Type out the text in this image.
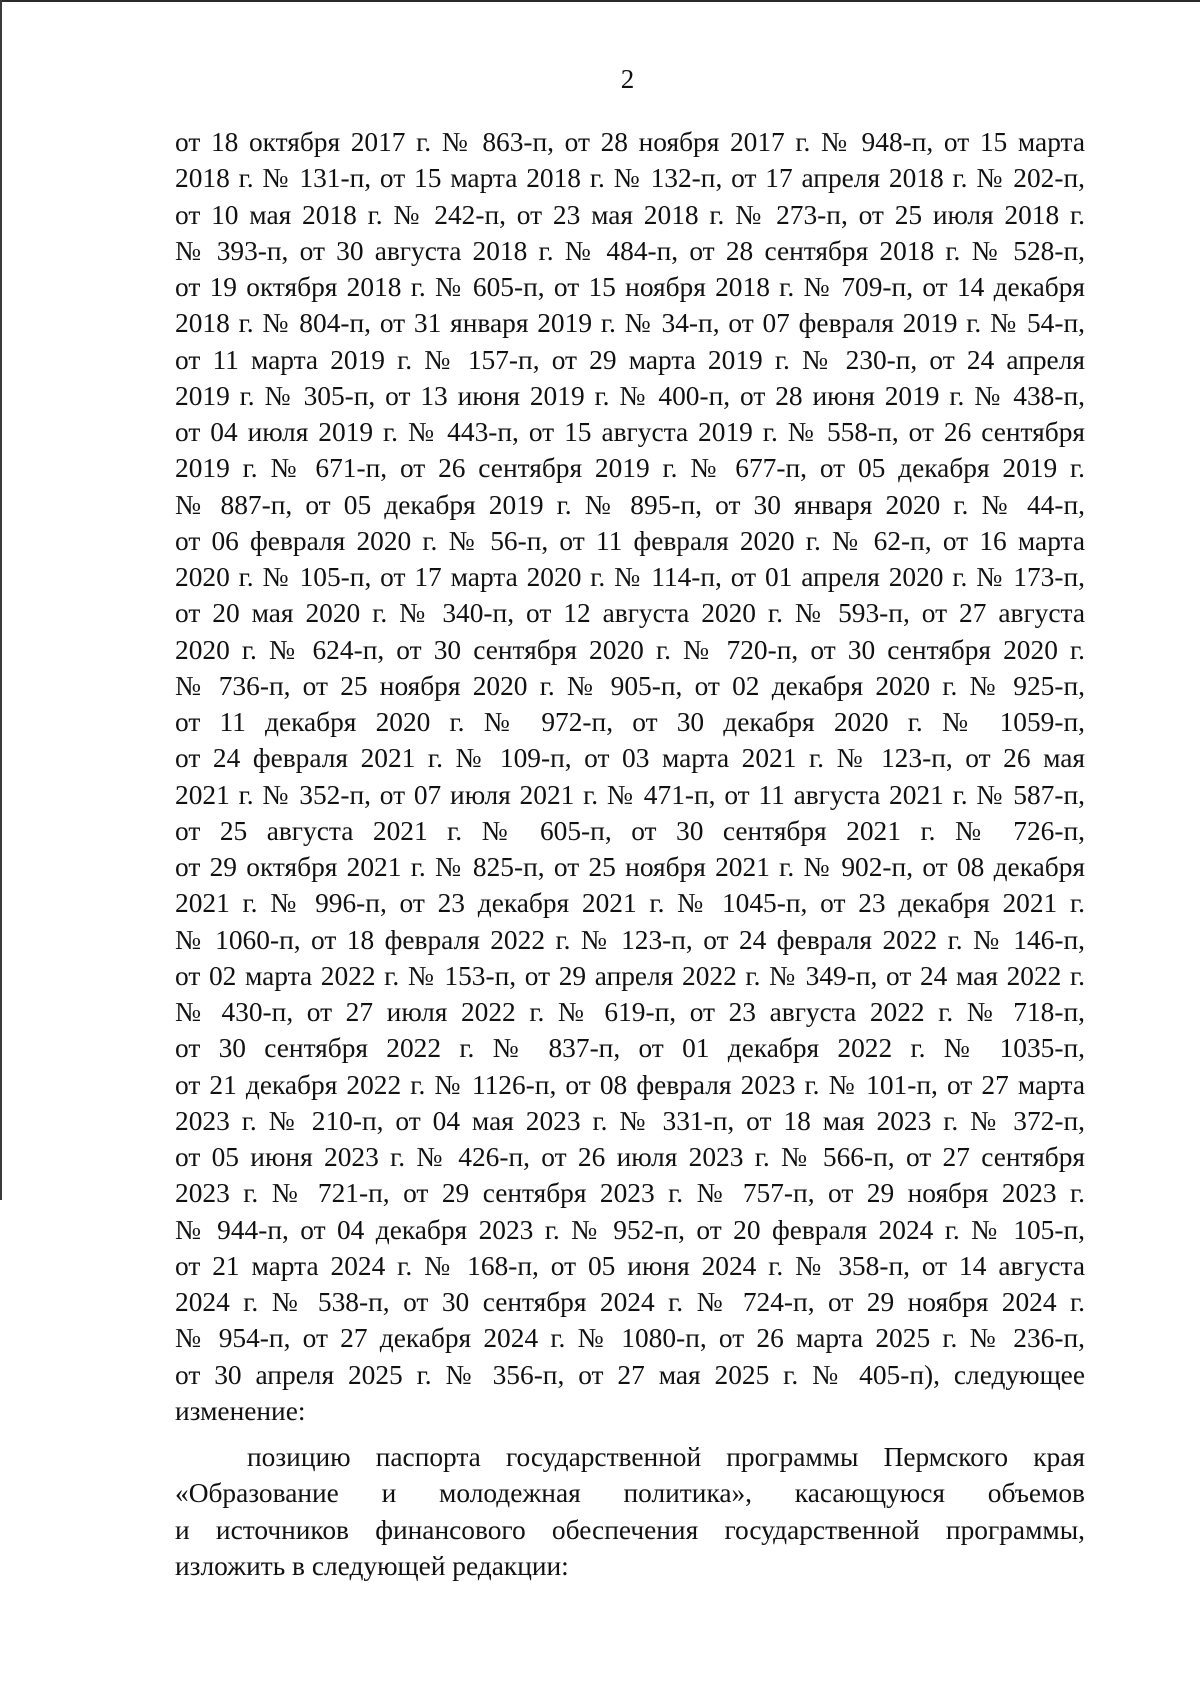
2
от 18 октября 2017 г. № 863-п, от 28 ноября 2017 г. № 948-п, от 15 марта
2018 г. № 131-п, от 15 марта 2018 г. № 132-п, от 17 апреля 2018 г. № 202-п,
от 10 мая 2018 г. № 242-п, от 23 мая 2018 г. № 273-п, от 25 июля 2018 г.
№ 393-п, от 30 августа 2018 г. № 484-п, от 28 сентября 2018 г. № 528-п,
от 19 октября 2018 г. № 605-п, от 15 ноября 2018 г. № 709-п, от 14 декабря
2018 г. № 804-п, от 31 января 2019 г. № 34-п, от 07 февраля 2019 г. № 54-п,
от 11 марта 2019 г. № 157-п, от 29 марта 2019 г. № 230-п, от 24 апреля
2019 г. № 305-п, от 13 июня 2019 г. № 400-п, от 28 июня 2019 г. № 438-п,
от 04 июля 2019 г. № 443-п, от 15 августа 2019 г. № 558-п, от 26 сентября
2019 г. № 671-п, от 26 сентября 2019 г. № 677-п, от 05 декабря 2019 г.
№ 887-п, от 05 декабря 2019 г. № 895-п, от 30 января 2020 г. № 44-п,
от 06 февраля 2020 г. № 56-п, от 11 февраля 2020 г. № 62-п, от 16 марта
2020 г. № 105-п, от 17 марта 2020 г. № 114-п, от 01 апреля 2020 г. № 173-п,
от 20 мая 2020 г. № 340-п, от 12 августа 2020 г. № 593-п, от 27 августа
2020 г. № 624-п, от 30 сентября 2020 г. № 720-п, от 30 сентября 2020 г.
№ 736-п, от 25 ноября 2020 г. № 905-п, от 02 декабря 2020 г. № 925-п,
от 11 декабря 2020 г. № 972-п, от 30 декабря 2020 г. № 1059-п,
от 24 февраля 2021 г. № 109-п, от 03 марта 2021 г. № 123-п, от 26 мая
2021 г. № 352-п, от 07 июля 2021 г. № 471-п, от 11 августа 2021 г. № 587-п,
от 25 августа 2021 г. № 605-п, от 30 сентября 2021 г. № 726-п,
от 29 октября 2021 г. № 825-п, от 25 ноября 2021 г. № 902-п, от 08 декабря
2021 г. № 996-п, от 23 декабря 2021 г. № 1045-п, от 23 декабря 2021 г.
№ 1060-п, от 18 февраля 2022 г. № 123-п, от 24 февраля 2022 г. № 146-п,
от 02 марта 2022 г. № 153-п, от 29 апреля 2022 г. № 349-п, от 24 мая 2022 г.
№ 430-п, от 27 июля 2022 г. № 619-п, от 23 августа 2022 г. № 718-п,
от 30 сентября 2022 г. № 837-п, от 01 декабря 2022 г. № 1035-п,
от 21 декабря 2022 г. № 1126-п, от 08 февраля 2023 г. № 101-п, от 27 марта
2023 г. № 210-п, от 04 мая 2023 г. № 331-п, от 18 мая 2023 г. № 372-п,
от 05 июня 2023 г. № 426-п, от 26 июля 2023 г. № 566-п, от 27 сентября
2023 г. № 721-п, от 29 сентября 2023 г. № 757-п, от 29 ноября 2023 г.
№ 944-п, от 04 декабря 2023 г. № 952-п, от 20 февраля 2024 г. № 105-п,
от 21 марта 2024 г. № 168-п, от 05 июня 2024 г. № 358-п, от 14 августа
2024 г. № 538-п, от 30 сентября 2024 г. № 724-п, от 29 ноября 2024 г.
№ 954-п, от 27 декабря 2024 г. № 1080-п, от 26 марта 2025 г. № 236-п,
от 30 апреля 2025 г. № 356-п, от 27 мая 2025 г. № 405-п), следующее
изменение:
позицию паспорта государственной программы Пермского края
«Образование и молодежная политика», касающуюся объемов
и источников финансового обеспечения государственной программы,
изложить в следующей редакции:
